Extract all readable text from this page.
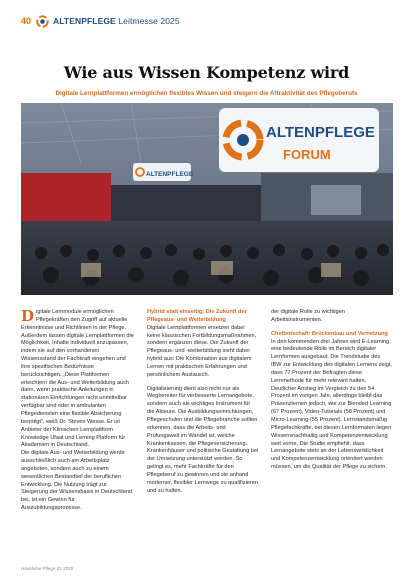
40	ALTENPFLEGE Leitmesse 2025
Wie aus Wissen Kompetenz wird
Digitale Lernplattformen ermöglichen flexibles Wissen und steigern die Attraktivität des Pflegeberufs
ALTENPFLEGE
FORUM
ALTENPFLEGE
D igitale Lernmodule ermöglichen Pflegekräften den Zugriff auf aktuelle Erkenntnisse und Richtlinien in der Pflege. Außerdem lassen digitale Lernplattformen die Möglichkeit, Inhalte individuell anzupassen, indem sie auf den vorhandenen Wissensstand der Fachkraft eingehen und ihre spezifischen Bedürfnisse berücksichtigen. „Diese Plattformen erleichtern die Aus- und Weiterbildung auch dann, wenn praktische Anleitungen in stationären Einrichtungen nicht unmittelbar verfügbar sind oder in ambulanten Pflegediensten eine flexible Absicherung benötigt", weiß Dr. Steven Wesse. Er ist Anbieter der Klinischen Lernplattform Knowledge Ufaat und Lerning Platform für Akademien in Deutschland.

Die digitale Aus- und Weiterbildung werde ausschließlich auch am Arbeitsplatz angeboten, sondern auch zu einem wesentlichen Bestandteil der beruflichen Entwicklung. Die Nutzung trägt zur Steigerung der Wissensbasis in Deutschland bei, ist ein Gewinn für Auszubildungsprozesse.

Hybrid statt einseitig: Die Zukunft der Pflegeaus- und Weiterbildung

Digitale Lernplattformen ersetzen dabei keine klassischen Fortbildungsmaßnahmen, sondern ergänzen diese. Die Zukunft der Pflegeaus- und -weiterbildung sieht dabei hybrid aus: Die Kombination aus digitalem Lernen mit praktischen Erfahrungen und persönlichem Austausch.

Digitalisierung dient also nicht nur als Wegbereiter für verbesserte Lernangebote, sondern auch als wichtiges Instrument für die Akteure. Die Ausbildungseinrichtungen, Pflegeschulen und die Pflegebranche sollten erkennen, dass die Arbeits- und Prüfungswelt im Wandel ist, welche Krankenkassen, die Pflegeversicherung, Krankenhäuser und politische Gestaltung bei der Umsetzung unterstützt werden. So gelingt es, mehr Fachkräfte für den Pflegeberuf zu gewinnen und sie anhand moderner, flexibler Lernwege zu qualifizieren und zu halten.

der digitale Rolle zu wichtigen Arbeitsinstrumenten.

Chefbotschaft: Brückenbau und Vernetzung

In den kommenden drei Jahren wird E-Learning eine bedeutende Rolle im Bereich digitaler Lernformen ausgebaut. Die Trendstudie des IBW zur Entwicklung des digitalen Lernens zeigt, dass 77 Prozent der Befragten diese Lernmethode für mehr relevant halten. Deutlicher Anstieg im Vergleich zu den 54 Prozent im vorigen Jahr, allerdings bleibt das Präsenzlernen jedoch, wie zur Blended Learning (67 Prozent), Video-Tutorials (58 Prozent) und Micro-Learning (55 Prozent). Lernstandsmäßig Pflegefachkräfte, bei diesen Lernformaten liegen Wissensnachhaltig und Kompetenzentwicklung weit vorne. Die Studie empfiehlt, dass Lernangebote stets an der Lebenswirklichkeit und Kompetenzentwicklung orientiert werden müssen, um die Qualität der Pflege zu sichern.

Häusliche Pflege 03 2025
